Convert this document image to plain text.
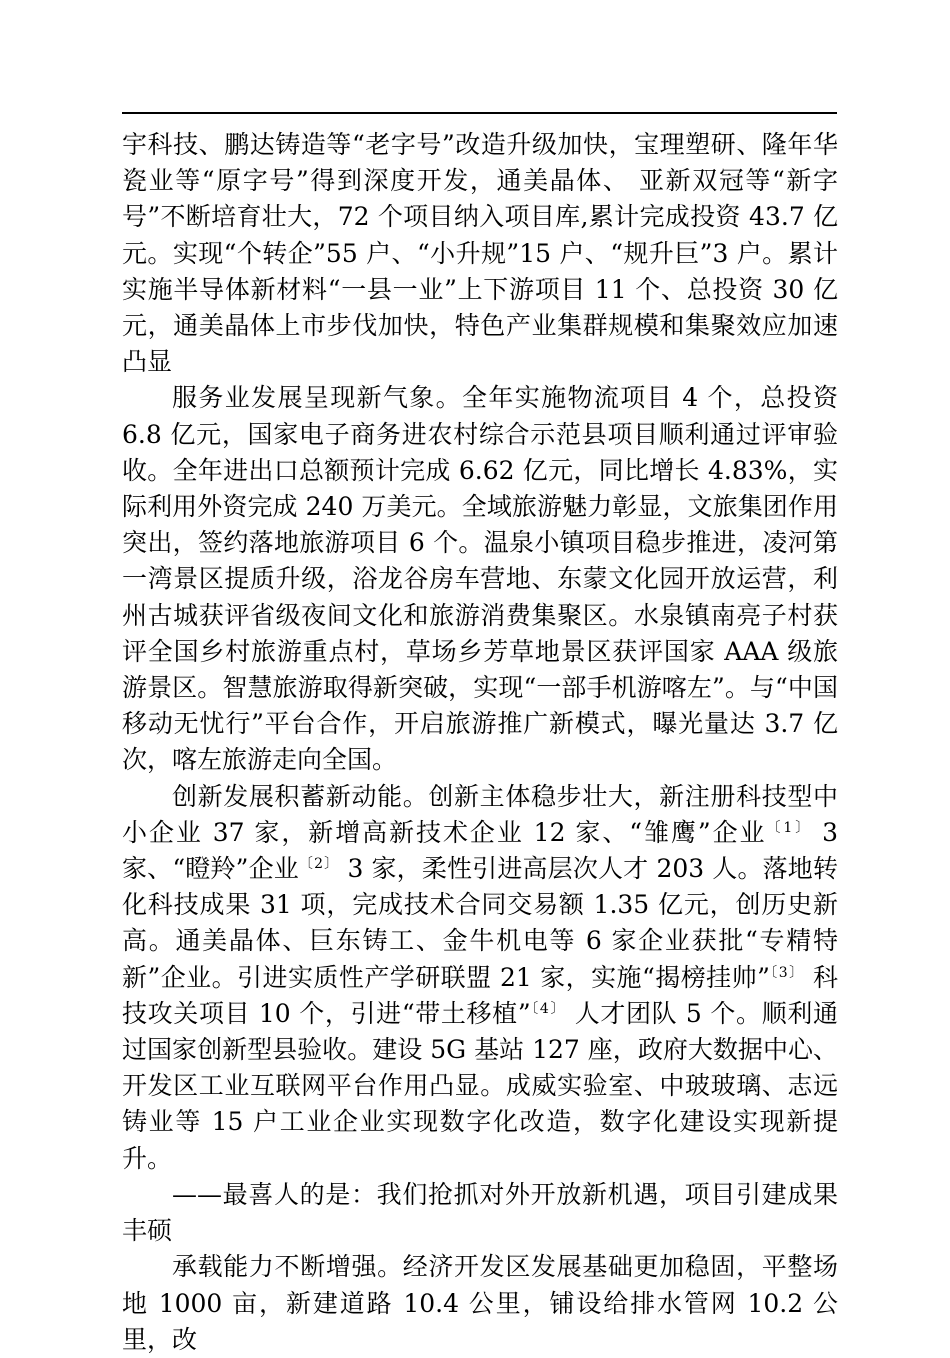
宇科技、鹏达铸造等“老字号”改造升级加快，宝理塑研、隆年华瓷业等“原字号”得到深度开发，通美晶体、 亚新双冠等“新字号”不断培育壮大，72 个项目纳入项目库,累计完成投资 43.7 亿元。实现“个转企”55 户、“小升规”15 户、“规升巨”3 户。累计实施半导体新材料“一县一业”上下游项目 11 个、总投资 30 亿元，通美晶体上市步伐加快，特色产业集群规模和集聚效应加速凸显

服务业发展呈现新气象。全年实施物流项目 4 个，总投资 6.8 亿元，国家电子商务进农村综合示范县项目顺利通过评审验收。全年进出口总额预计完成 6.62 亿元，同比增长 4.83%，实际利用外资完成 240 万美元。全域旅游魅力彰显，文旅集团作用突出，签约落地旅游项目 6 个。温泉小镇项目稳步推进，凌河第一湾景区提质升级，浴龙谷房车营地、东蒙文化园开放运营，利州古城获评省级夜间文化和旅游消费集聚区。水泉镇南亮子村获评全国乡村旅游重点村，草场乡芳草地景区获评国家 AAA 级旅游景区。智慧旅游取得新突破，实现“一部手机游喀左”。与“中国移动无忧行”平台合作，开启旅游推广新模式，曝光量达 3.7 亿次，喀左旅游走向全国。

创新发展积蓄新动能。创新主体稳步壮大，新注册科技型中小企业 37 家，新增高新技术企业 12 家、“雏鹰”企业$^{〔1〕}$ 3 家、“瞪羚”企业$^{〔2〕}$ 3 家，柔性引进高层次人才 203 人。落地转化科技成果 31 项，完成技术合同交易额 1.35 亿元，创历史新高。通美晶体、巨东铸工、金牛机电等 6 家企业获批“专精特新”企业。引进实质性产学研联盟 21 家，实施“揭榜挂帅”$^{〔3〕}$ 科技攻关项目 10 个，引进“带土移植”$^{〔4〕}$ 人才团队 5 个。顺利通过国家创新型县验收。建设 5G 基站 127 座，政府大数据中心、开发区工业互联网平台作用凸显。成威实验室、中玻玻璃、志远铸业等 15 户工业企业实现数字化改造，数字化建设实现新提升。

——最喜人的是：我们抢抓对外开放新机遇，项目引建成果丰硕

承载能力不断增强。经济开发区发展基础更加稳固，平整场地 1000 亩，新建道路 10.4 公里，铺设给排水管网 10.2 公里，改
